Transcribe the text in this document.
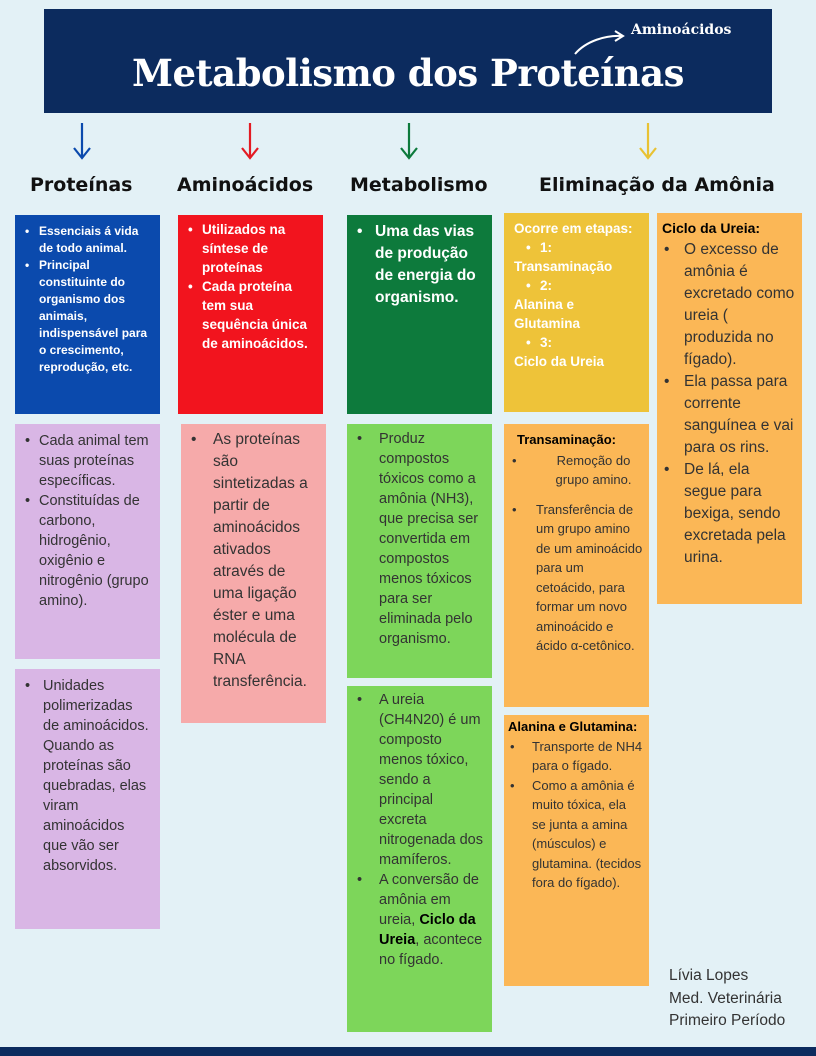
Aminoácidos
Metabolismo dos Proteínas
Proteínas Aminoácidos Metabolismo	Eliminação da Amônia
• Essenciais á vida de todo animal.
• Principal constituinte do organismo dos animais, indispensável para o crescimento, reprodução, etc.
• Cada animal tem suas proteínas específicas.
• Constituídas de carbono, hidrogênio, oxigênio e nitrogênio (grupo amino).
• Unidades polimerizadas de aminoácidos. Quando as proteínas são quebradas, elas viram aminoácidos que vão ser absorvidos.
• Utilizados na síntese de proteínas
• Cada proteína tem sua sequência única de aminoácidos.
• As proteínas são sintetizadas a partir de aminoácidos ativados através de uma ligação éster e uma molécula de RNA transferência.
• Uma das vias de produção de energia do organismo.
• Produz compostos tóxicos como a amônia (NH3), que precisa ser convertida em compostos menos tóxicos para ser eliminada pelo organismo.
• A ureia (CH4N20) é um composto menos tóxico, sendo a principal excreta nitrogenada dos mamíferos.
• A conversão de amônia em ureia, Ciclo da Ureia, acontece no fígado.

Ocorre em etapas:

• 1:

Transaminação

• 2:

Alanina e Glutamina

• 3:

Ciclo da Ureia

Transaminação:

• Remoção do grupo amino.
• Transferência de um grupo amino de um aminoácido para um cetoácido, para formar um novo aminoácido e ácido α-cetônico.

Alanina e Glutamina:

• Transporte de NH4 para o fígado.
• Como a amônia é muito tóxica, ela se junta a amina (músculos) e glutamina. (tecidos fora do fígado).

Ciclo da Ureia:

• O excesso de amônia é excretado como ureia ( produzida no fígado).
• Ela passa para corrente sanguínea e vai para os rins.
• De lá, ela segue para bexiga, sendo excretada pela urina.
Lívia Lopes
Med. Veterinária
Primeiro Período
